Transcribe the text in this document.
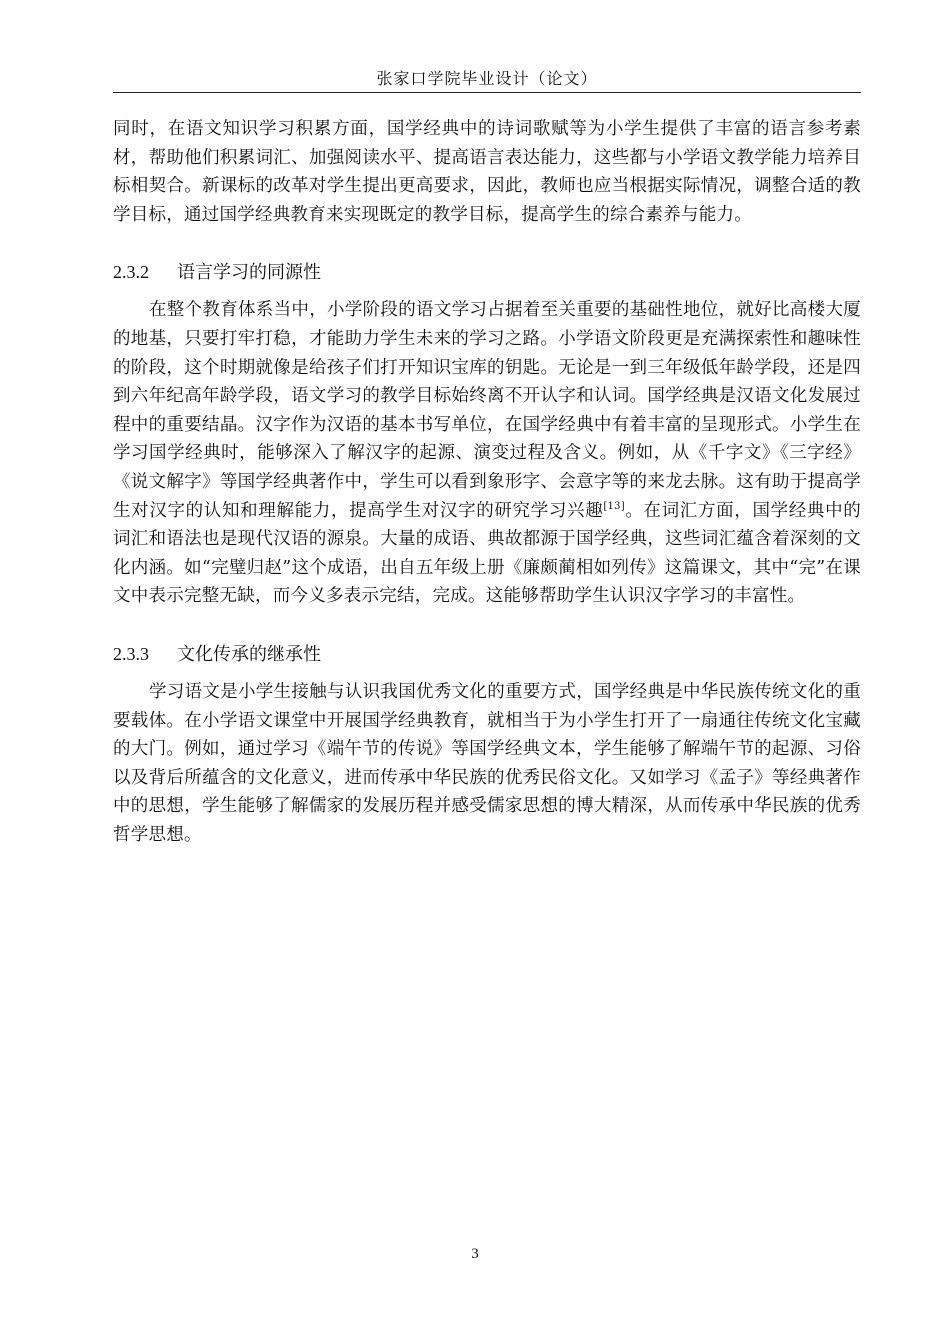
张家口学院毕业设计（论文）

同时，在语文知识学习积累方面，国学经典中的诗词歌赋等为小学生提供了丰富的语言参考素材，帮助他们积累词汇、加强阅读水平、提高语言表达能力，这些都与小学语文教学能力培养目标相契合。新课标的改革对学生提出更高要求，因此，教师也应当根据实际情况，调整合适的教学目标，通过国学经典教育来实现既定的教学目标，提高学生的综合素养与能力。

2.3.2 语言学习的同源性

在整个教育体系当中，小学阶段的语文学习占据着至关重要的基础性地位，就好比高楼大厦的地基，只要打牢打稳，才能助力学生未来的学习之路。小学语文阶段更是充满探索性和趣味性的阶段，这个时期就像是给孩子们打开知识宝库的钥匙。无论是一到三年级低年龄学段，还是四到六年纪高年龄学段，语文学习的教学目标始终离不开认字和认词。国学经典是汉语文化发展过程中的重要结晶。汉字作为汉语的基本书写单位，在国学经典中有着丰富的呈现形式。小学生在学习国学经典时，能够深入了解汉字的起源、演变过程及含义。例如，从《千字文》《三字经》《说文解字》等国学经典著作中，学生可以看到象形字、会意字等的来龙去脉。这有助于提高学生对汉字的认知和理解能力，提高学生对汉字的研究学习兴趣[13]。在词汇方面，国学经典中的词汇和语法也是现代汉语的源泉。大量的成语、典故都源于国学经典，这些词汇蕴含着深刻的文化内涵。如“完璧归赵”这个成语，出自五年级上册《廉颇蔺相如列传》这篇课文，其中“完”在课文中表示完整无缺，而今义多表示完结，完成。这能够帮助学生认识汉字学习的丰富性。

2.3.3 文化传承的继承性

学习语文是小学生接触与认识我国优秀文化的重要方式，国学经典是中华民族传统文化的重要载体。在小学语文课堂中开展国学经典教育，就相当于为小学生打开了一扇通往传统文化宝藏的大门。例如，通过学习《端午节的传说》等国学经典文本，学生能够了解端午节的起源、习俗以及背后所蕴含的文化意义，进而传承中华民族的优秀民俗文化。又如学习《孟子》等经典著作中的思想，学生能够了解儒家的发展历程并感受儒家思想的博大精深，从而传承中华民族的优秀哲学思想。

3
